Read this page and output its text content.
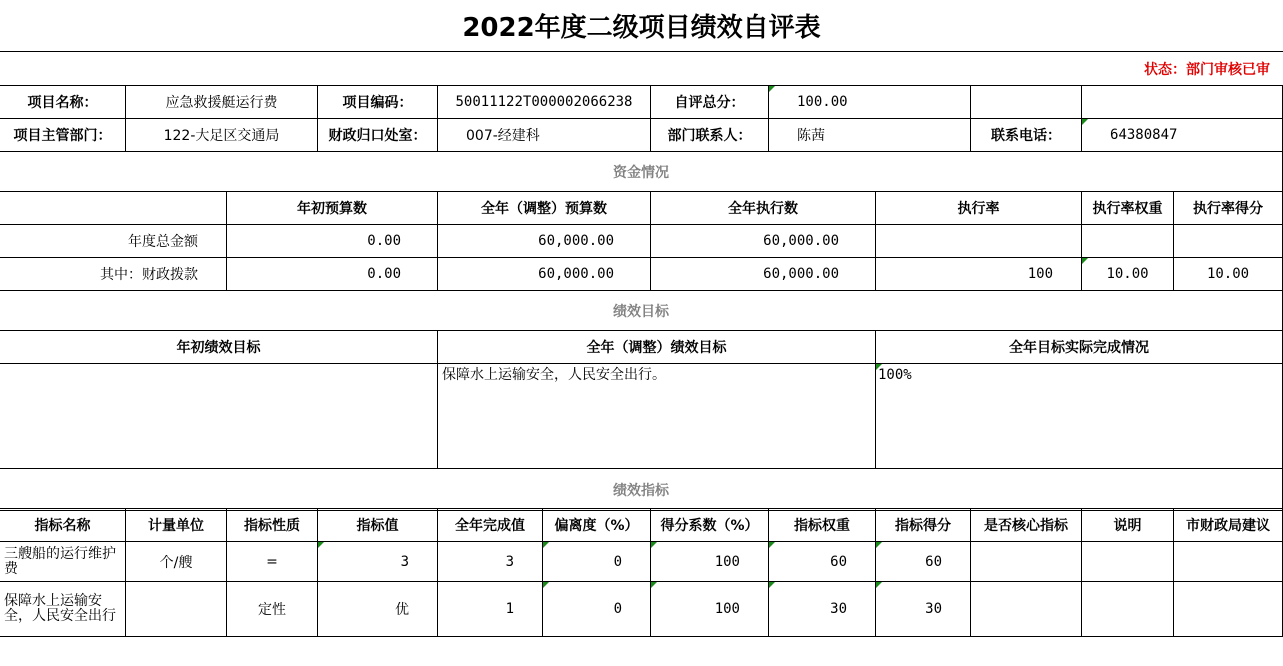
2022年度二级项目绩效自评表
状态：部门审核已审
项目名称：	应急救援艇运行费		项目编码：	50011122T000002066238	自评总分：	100.00				
项目主管部门：	122-大足区交通局		财政归口处室：	007-经建科	部门联系人：	陈茜		联系电话：	64380847	
资金情况										
		年初预算数		全年（调整）预算数	全年执行数		执行率		执行率权重	执行率得分
年度总金额		0.00		60,000.00	60,000.00					
其中：财政拨款		0.00		60,000.00	60,000.00		100		10.00	10.00
绩效目标										
年初绩效目标				全年（调整）绩效目标			全年目标实际完成情况			
				保障水上运输安全，人民安全出行。			100%			
绩效指标										
指标名称	计量单位	指标性质	指标值	全年完成值	偏离度（%）	得分系数（%）	指标权重	指标得分	是否核心指标	说明	市财政局建议
三艘船的运行维护费	个/艘	=	3	3	0	100	60	60			
保障水上运输安全，人民安全出行		定性	优	1	0	100	30	30			
